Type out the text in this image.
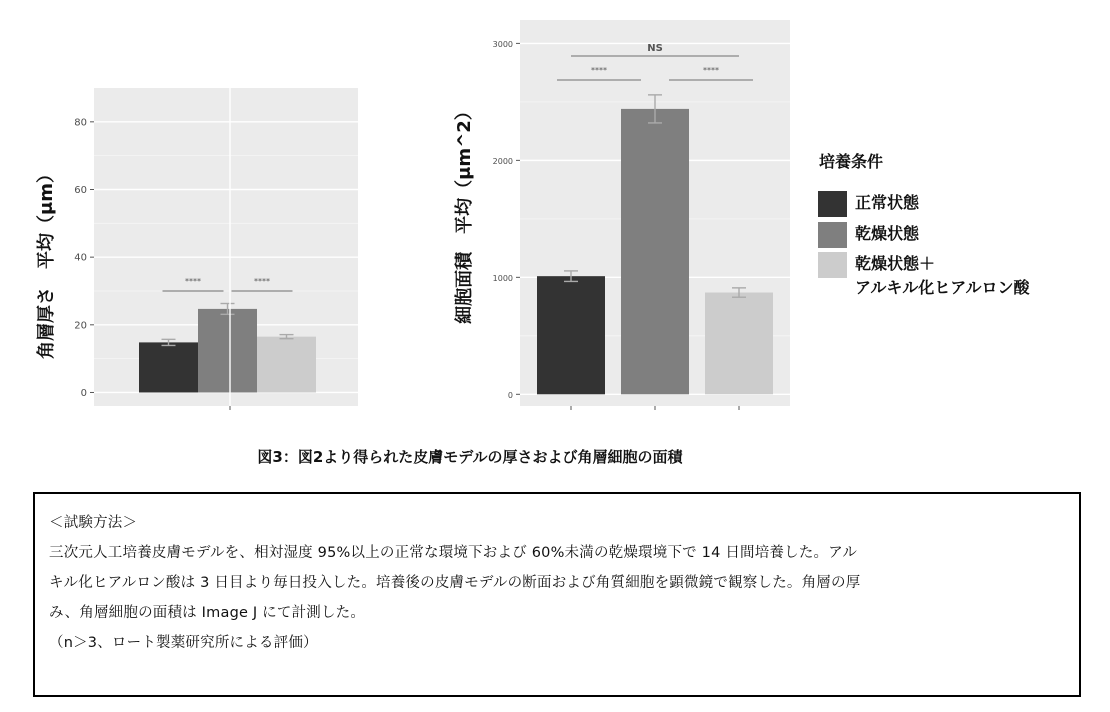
0
20
40
60
80
****	****
角層厚さ　平均（μm）
0
1000
2000
3000
****	****
NS
細胞面積　平均（μm^2）	培養条件
正常状態
乾燥状態
乾燥状態＋
アルキル化ヒアルロン酸
図3：図2より得られた皮膚モデルの厚さおよび角層細胞の面積
＜試験方法＞
三次元人工培養皮膚モデルを、相対湿度 95%以上の正常な環境下および 60%未満の乾燥環境下で 14 日間培養した。アル
キル化ヒアルロン酸は 3 日目より毎日投入した。培養後の皮膚モデルの断面および角質細胞を顕微鏡で観察した。角層の厚
み、角層細胞の面積は Image J にて計測した。
（n＞3、ロート製薬研究所による評価）
